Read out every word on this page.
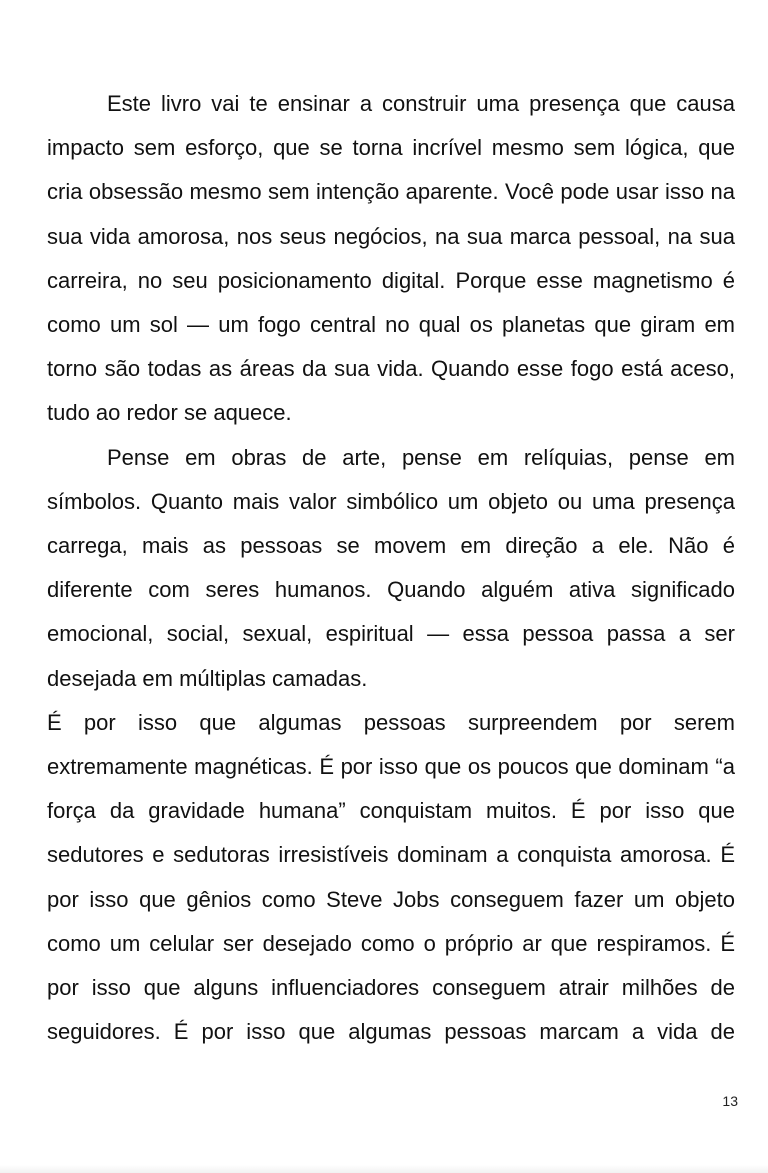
Este livro vai te ensinar a construir uma presença que causa impacto sem esforço, que se torna incrível mesmo sem lógica, que cria obsessão mesmo sem intenção aparente. Você pode usar isso na sua vida amorosa, nos seus negócios, na sua marca pessoal, na sua carreira, no seu posicionamento digital. Porque esse magnetismo é como um sol — um fogo central no qual os planetas que giram em torno são todas as áreas da sua vida. Quando esse fogo está aceso, tudo ao redor se aquece.

Pense em obras de arte, pense em relíquias, pense em símbolos. Quanto mais valor simbólico um objeto ou uma presença carrega, mais as pessoas se movem em direção a ele. Não é diferente com seres humanos. Quando alguém ativa significado emocional, social, sexual, espiritual — essa pessoa passa a ser desejada em múltiplas camadas.

É por isso que algumas pessoas surpreendem por serem extremamente magnéticas. É por isso que os poucos que dominam “a força da gravidade humana” conquistam muitos. É por isso que sedutores e sedutoras irresistíveis dominam a conquista amorosa. É por isso que gênios como Steve Jobs conseguem fazer um objeto como um celular ser desejado como o próprio ar que respiramos. É por isso que alguns influenciadores conseguem atrair milhões de seguidores. É por isso que algumas pessoas marcam a vida de

13
